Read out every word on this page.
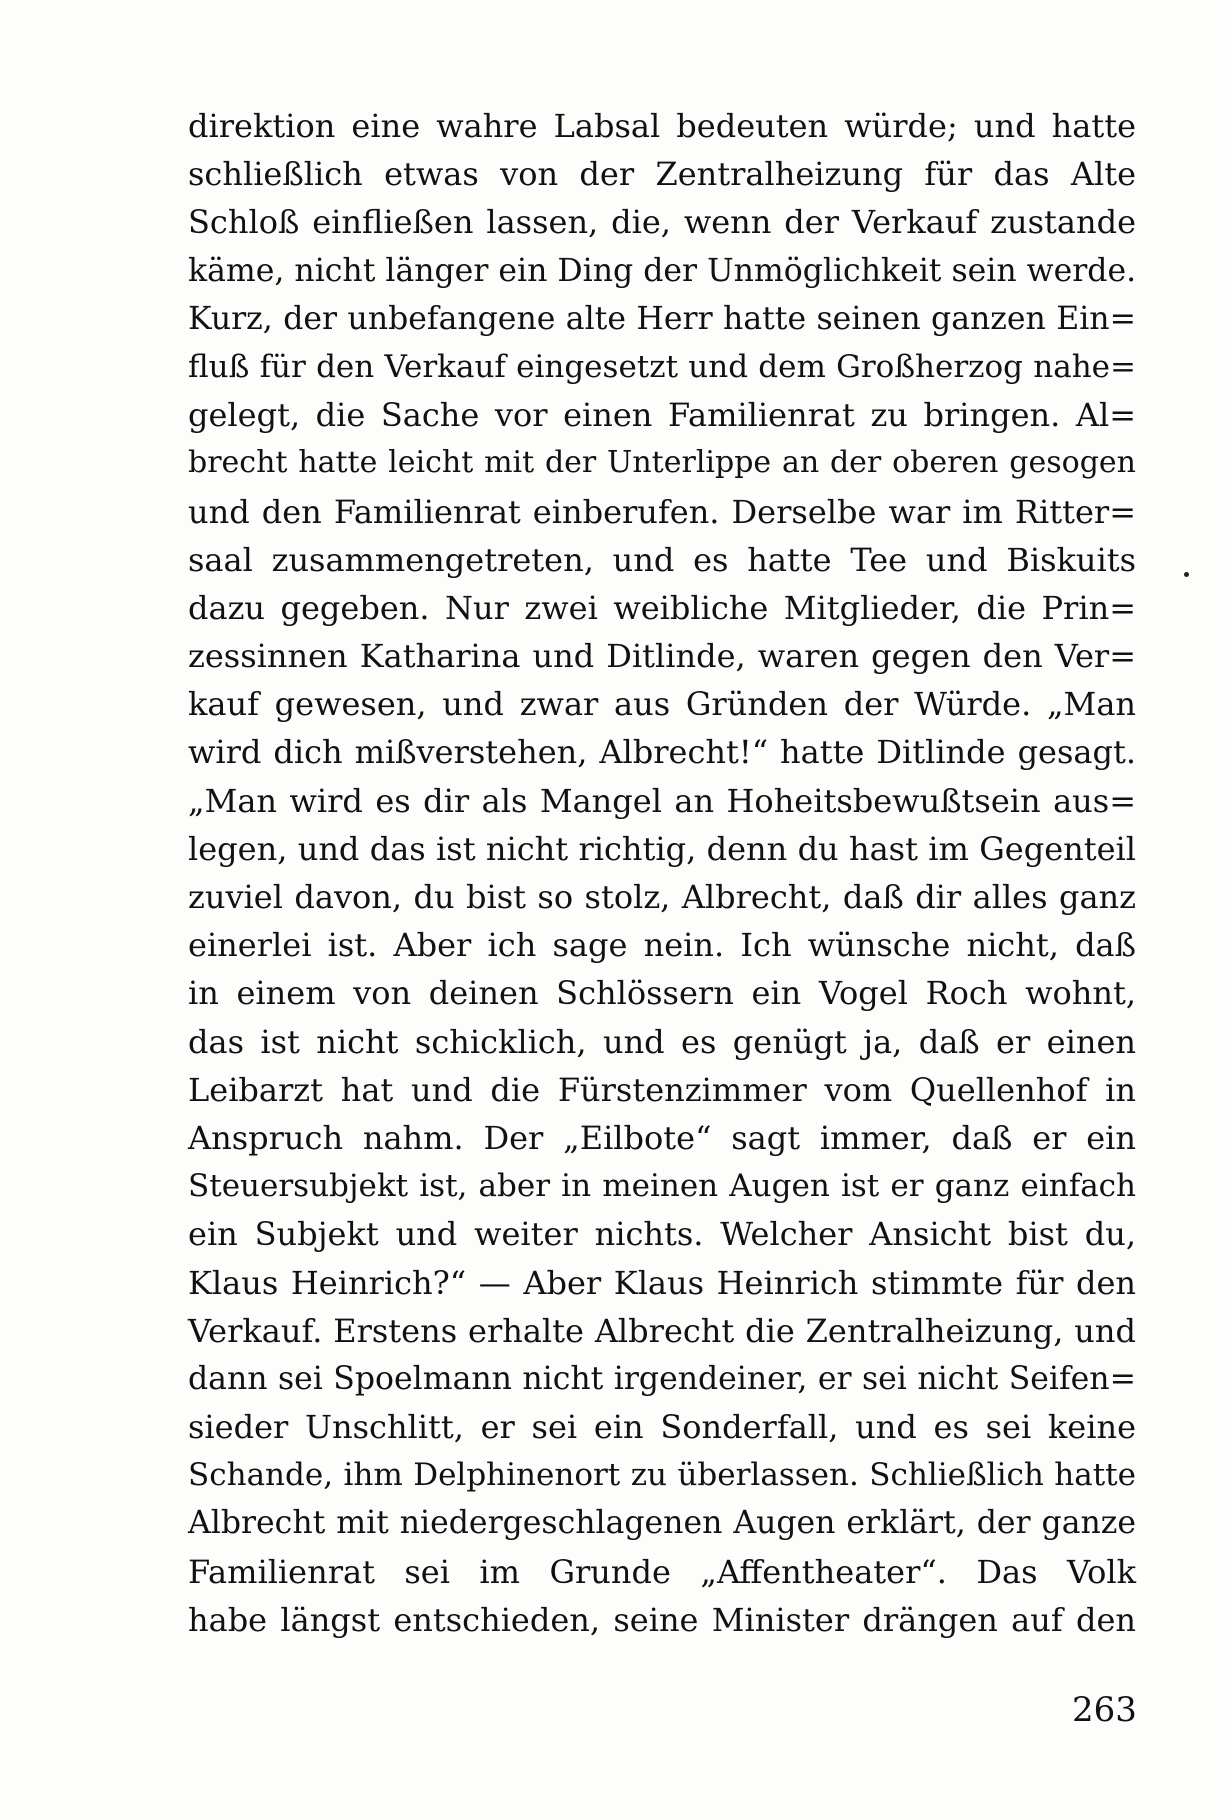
direktion eine wahre Labsal bedeuten würde; und hatte
schließlich etwas von der Zentralheizung für das Alte
Schloß einfließen lassen, die, wenn der Verkauf zustande
käme, nicht länger ein Ding der Unmöglichkeit sein werde.
Kurz, der unbefangene alte Herr hatte seinen ganzen Ein=
fluß für den Verkauf eingesetzt und dem Großherzog nahe=
gelegt, die Sache vor einen Familienrat zu bringen. Al=
brecht hatte leicht mit der Unterlippe an der oberen gesogen
und den Familienrat einberufen. Derselbe war im Ritter=
saal zusammengetreten, und es hatte Tee und Biskuits
dazu gegeben. Nur zwei weibliche Mitglieder, die Prin=
zessinnen Katharina und Ditlinde, waren gegen den Ver=
kauf gewesen, und zwar aus Gründen der Würde. „Man
wird dich mißverstehen, Albrecht!“ hatte Ditlinde gesagt.
„Man wird es dir als Mangel an Hoheitsbewußtsein aus=
legen, und das ist nicht richtig, denn du hast im Gegenteil
zuviel davon, du bist so stolz, Albrecht, daß dir alles ganz
einerlei ist. Aber ich sage nein. Ich wünsche nicht, daß
in einem von deinen Schlössern ein Vogel Roch wohnt,
das ist nicht schicklich, und es genügt ja, daß er einen
Leibarzt hat und die Fürstenzimmer vom Quellenhof in
Anspruch nahm. Der „Eilbote“ sagt immer, daß er ein
Steuersubjekt ist, aber in meinen Augen ist er ganz einfach
ein Subjekt und weiter nichts. Welcher Ansicht bist du,
Klaus Heinrich?“ — Aber Klaus Heinrich stimmte für den
Verkauf. Erstens erhalte Albrecht die Zentralheizung, und
dann sei Spoelmann nicht irgendeiner, er sei nicht Seifen=
sieder Unschlitt, er sei ein Sonderfall, und es sei keine
Schande, ihm Delphinenort zu überlassen. Schließlich hatte
Albrecht mit niedergeschlagenen Augen erklärt, der ganze
Familienrat sei im Grunde „Affentheater“. Das Volk
habe längst entschieden, seine Minister drängen auf den
263
